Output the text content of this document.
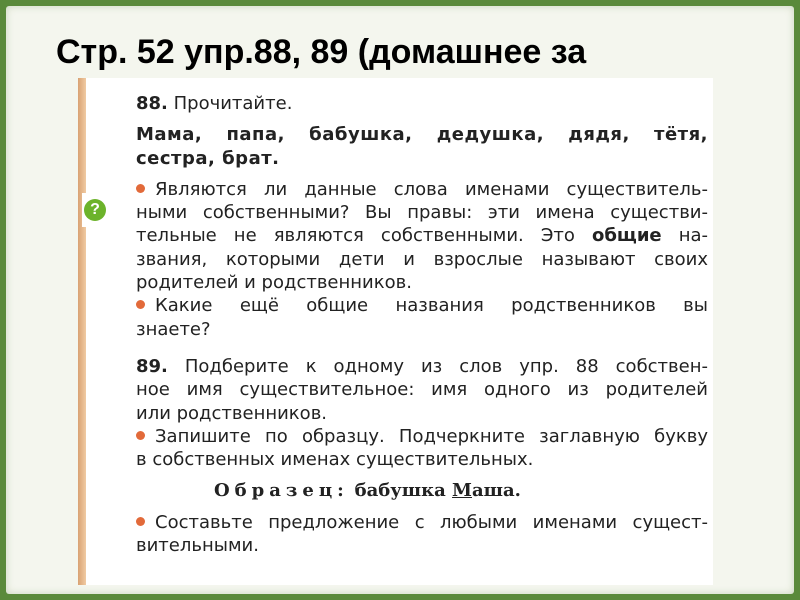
Стр. 52 упр.88, 89 (домашнее за
?
88. Прочитайте.
Мама, папа, бабушка, дедушка, дядя, тётя,
сестра, брат.
Являются ли данные слова именами существитель-
ными собственными? Вы правы: эти имена существи-
тельные не являются собственными. Это общие на-
звания, которыми дети и взрослые называют своих
родителей и родственников.
Какие ещё общие названия родственников вы
знаете?
89. Подберите к одному из слов упр. 88 собствен-
ное имя существительное: имя одного из родителей
или родственников.
Запишите по образцу. Подчеркните заглавную букву
в собственных именах существительных.
Образец: бабушка Маша.
Составьте предложение с любыми именами сущест-
вительными.
